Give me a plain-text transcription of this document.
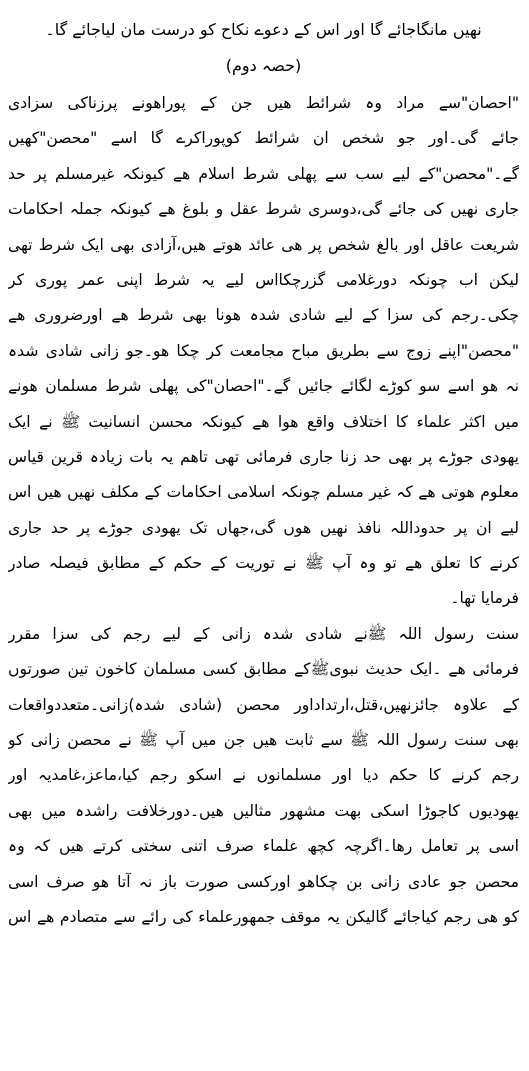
نهیں مانگاجائے گا اور اس کے دعوے نکاح کو درست مان لیاجائے گا۔
(حصہ دوم)
"احصان"سے مراد وہ شرائط ھیں جن کے پوراھونے پرزناکی سزادی
جائے گی۔اور جو شخص ان شرائط کوپوراکرے گا اسے "محصن"کھیں
گے۔"محصن"کے لیے سب سے پھلی شرط اسلام ھے کیونکہ غیرمسلم پر حد
جاری نھیں کی جائے گی،دوسری شرط عقل و بلوغ ھے کیونکہ جملہ احکامات
شریعت عاقل اور بالغ شخص پر ھی عائد ھوتے ھیں،آزادی بھی ایک شرط تھی
لیکن اب چونکہ دورغلامی گزرچکااس لیے یہ شرط اپنی عمر پوری کر
چکی۔رجم کی سزا کے لیے شادی شدہ ھونا بھی شرط ھے اورضروری ھے
"محصن"اپنے زوج سے بطریق مباح مجامعت کر چکا ھو۔جو زانی شادی شدہ
نہ ھو اسے سو کوڑے لگائے جائیں گے۔"احصان"کی پھلی شرط مسلمان ھونے
میں اکثر علماء کا اختلاف واقع ھوا ھے کیونکہ محسن انسانیت ﷺ نے ایک
یھودی جوڑے پر بھی حد زنا جاری فرمائی تھی تاھم یہ بات زیادہ قرین قیاس
معلوم ھوتی ھے کہ غیر مسلم چونکہ اسلامی احکامات کے مکلف نھیں ھیں اس
لیے ان پر حدوداللہ نافذ نھیں ھوں گی،جھاں تک یھودی جوڑے پر حد جاری
کرنے کا تعلق ھے تو وہ آپ ﷺ نے توریت کے حکم کے مطابق فیصلہ صادر
فرمایا تھا۔
سنت رسول اللہ ﷺنے شادی شدہ زانی کے لیے رجم کی سزا مقرر
فرمائی ھے ۔ایک حدیث نبویﷺکے مطابق کسی مسلمان کاخون تین صورتوں
کے علاوہ جائزنھیں،قتل،ارتداداور محصن (شادی شدہ)زانی۔متعددواقعات
بھی سنت رسول اللہ ﷺ سے ثابت ھیں جن میں آپ ﷺ نے محصن زانی کو
رجم کرنے کا حکم دیا اور مسلمانوں نے اسکو رجم کیا،ماعز،غامدیہ اور
یھودیوں کاجوڑا اسکی بھت مشھور مثالیں ھیں۔دورخلافت راشدہ میں بھی
اسی پر تعامل رھا۔اگرچہ کچھ علماء صرف اتنی سختی کرتے ھیں کہ وہ
محصن جو عادی زانی بن چکاھو اورکسی صورت باز نہ آتا ھو صرف اسی
کو ھی رجم کیاجائے گالیکن یہ موقف جمھورعلماء کی رائے سے متصادم ھے اس
